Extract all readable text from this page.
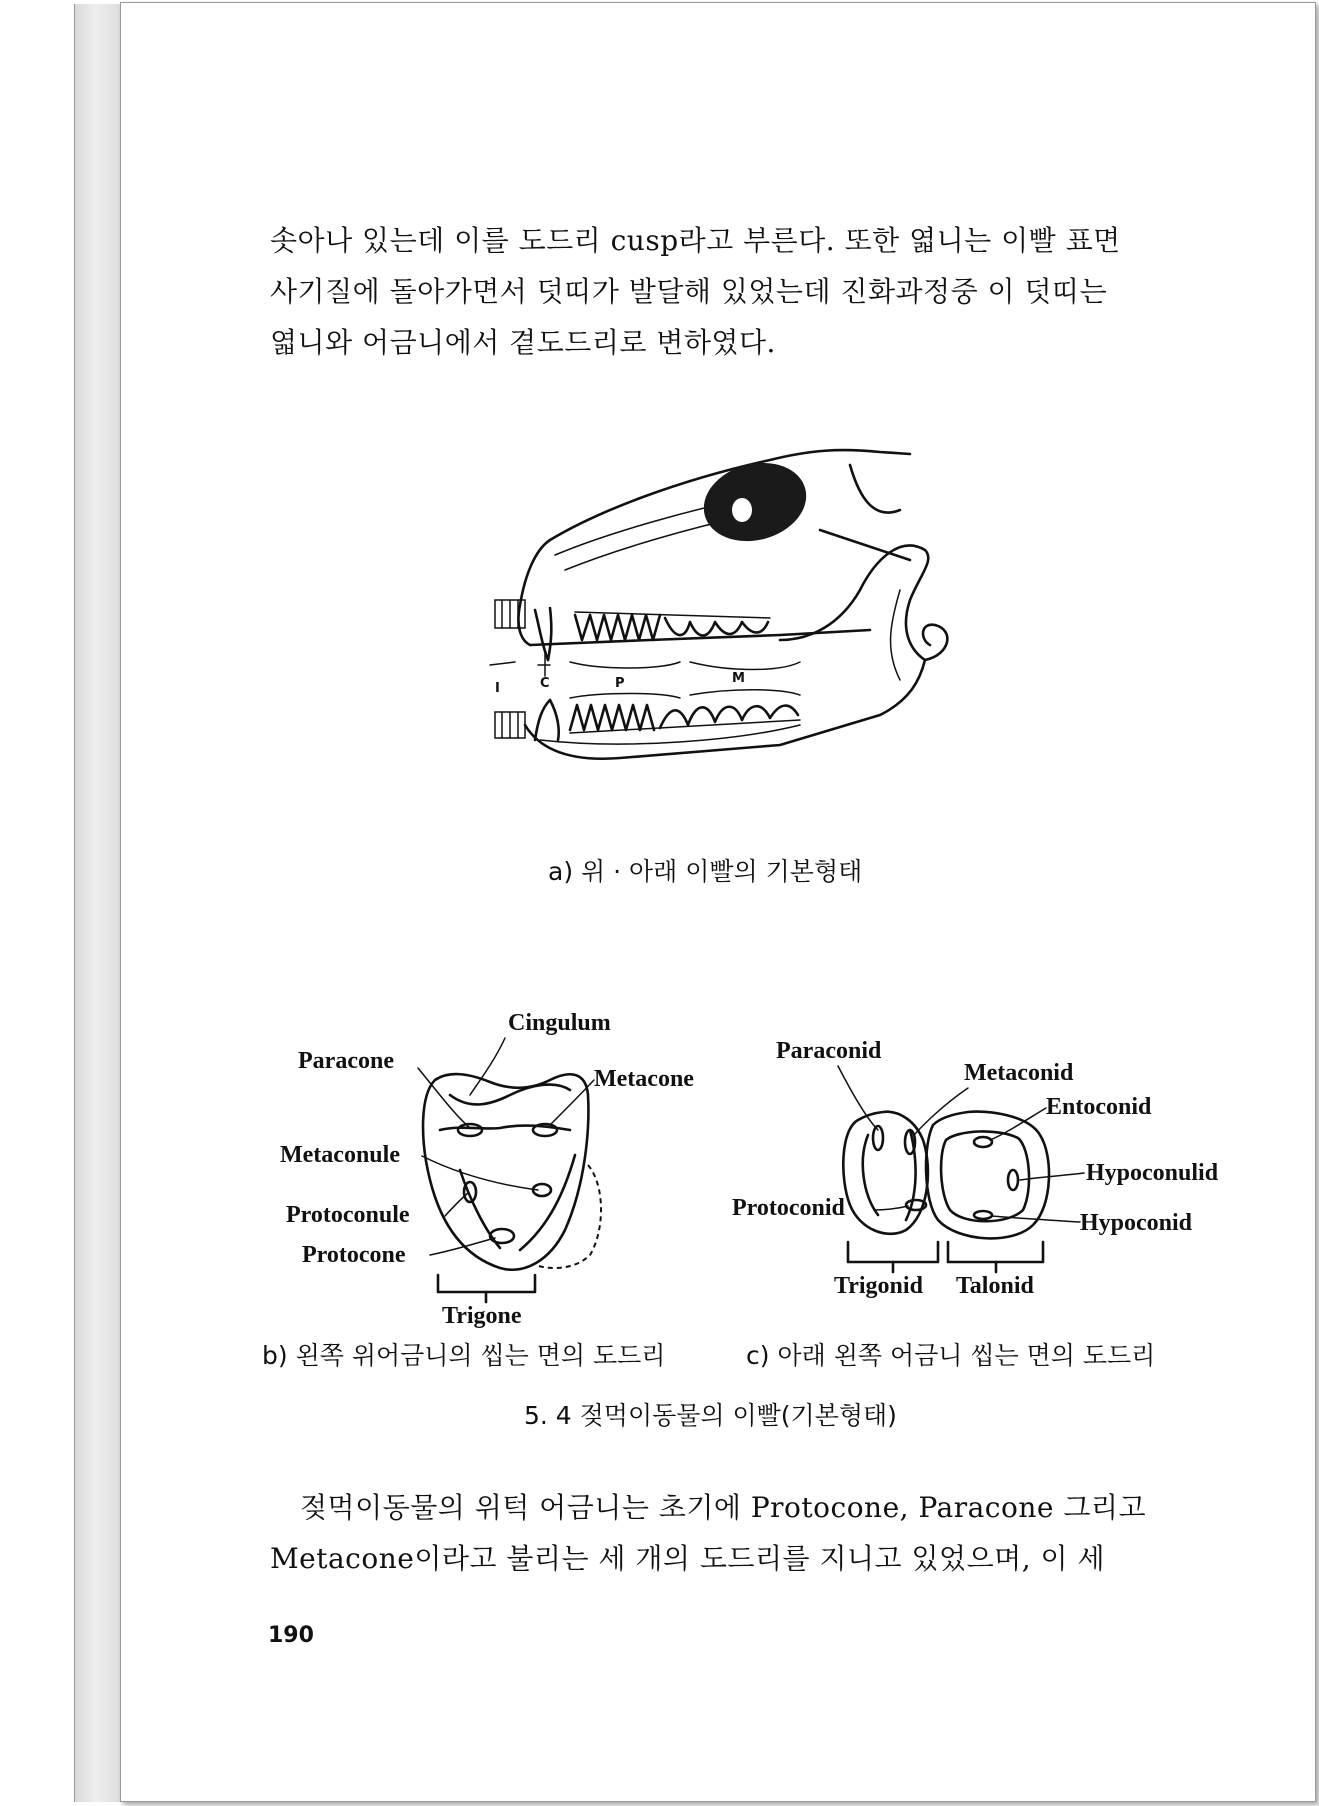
솟아나 있는데 이를 도드리 cusp라고 부른다. 또한 엷니는 이빨 표면
사기질에 돌아가면서 덧띠가 발달해 있었는데 진화과정중 이 덧띠는
엷니와 어금니에서 곁도드리로 변하였다.

I	C	P	M
a) 위 · 아래 이빨의 기본형태
Cingulum
Paracone
Metacone
Metaconule
Protoconule
Protocone
Trigone
b) 왼쪽 위어금니의 씹는 면의 도드리
Paraconid
Metaconid
Entoconid
Hypoconulid
Protoconid
Hypoconid
Trigonid Talonid
c) 아래 왼쪽 어금니 씹는 면의 도드리
5. 4 젖먹이동물의 이빨(기본형태)

젖먹이동물의 위턱 어금니는 초기에 Protocone, Paracone 그리고
Metacone이라고 불리는 세 개의 도드리를 지니고 있었으며, 이 세

190
